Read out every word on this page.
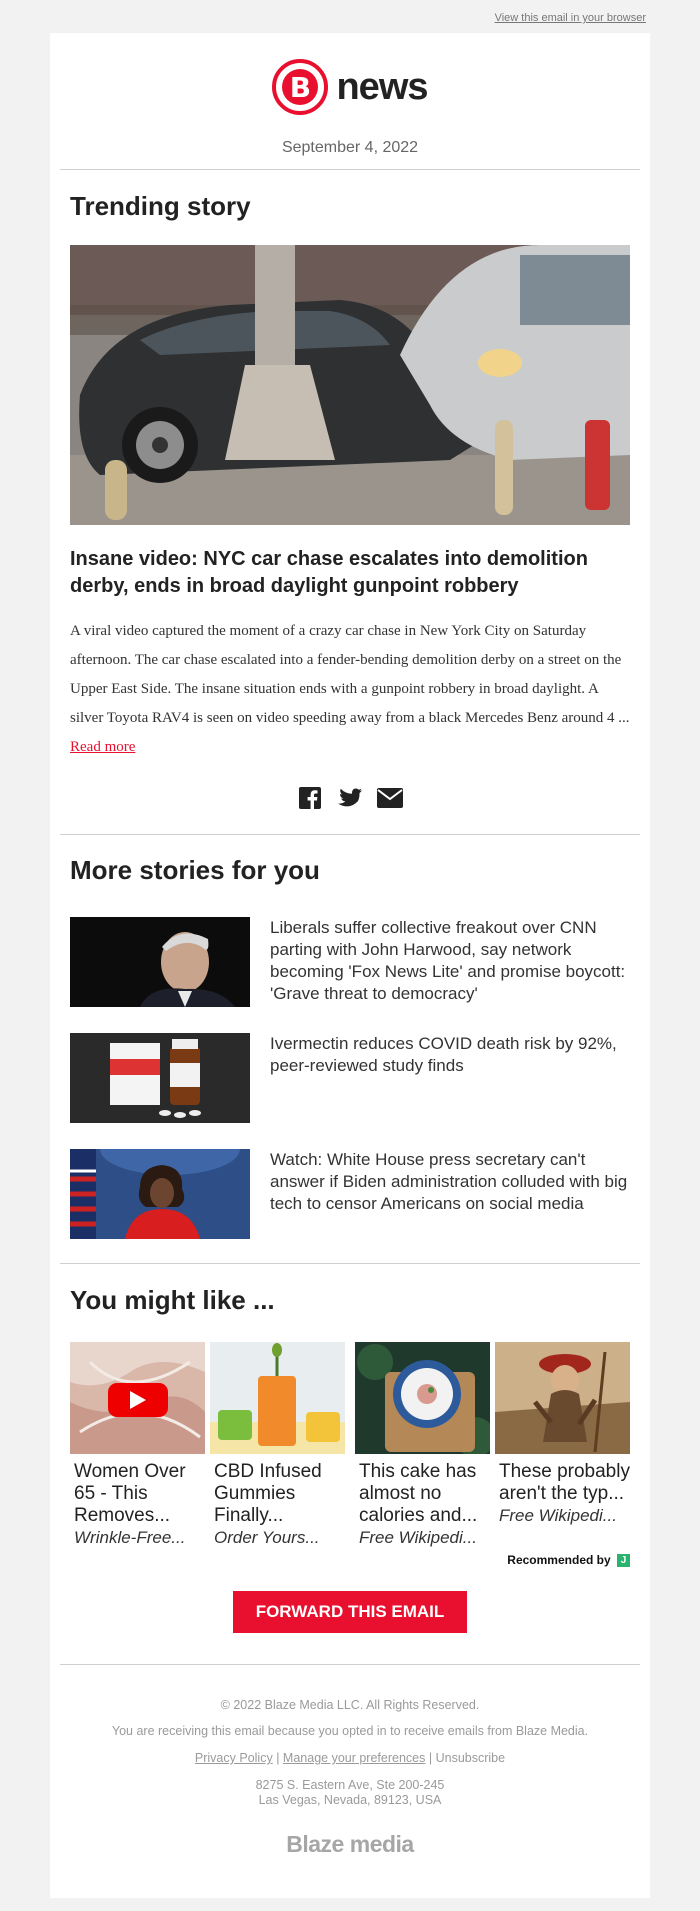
View this email in your browser
B news
September 4, 2022
Trending story
Insane video: NYC car chase escalates into demolition derby, ends in broad daylight gunpoint robbery
A viral video captured the moment of a crazy car chase in New York City on Saturday afternoon. The car chase escalated into a fender-bending demolition derby on a street on the Upper East Side. The insane situation ends with a gunpoint robbery in broad daylight. A silver Toyota RAV4 is seen on video speeding away from a black Mercedes Benz around 4 ... Read more
More stories for you
Liberals suffer collective freakout over CNN parting with John Harwood, say network becoming 'Fox News Lite' and promise boycott: 'Grave threat to democracy'
Ivermectin reduces COVID death risk by 92%, peer-reviewed study finds
Watch: White House press secretary can't answer if Biden administration colluded with big tech to censor Americans on social media
You might like ...
Women Over 65 - This Removes...
Wrinkle-Free...
CBD Infused Gummies Finally...
Order Yours...
This cake has almost no calories and...
Free Wikipedi...
These probably aren't the typ...
Free Wikipedi...
Recommended by J
FORWARD THIS EMAIL
© 2022 Blaze Media LLC. All Rights Reserved.
You are receiving this email because you opted in to receive emails from Blaze Media.
Privacy Policy | Manage your preferences | Unsubscribe
8275 S. Eastern Ave, Ste 200-245
Las Vegas, Nevada, 89123, USA
Blaze media
